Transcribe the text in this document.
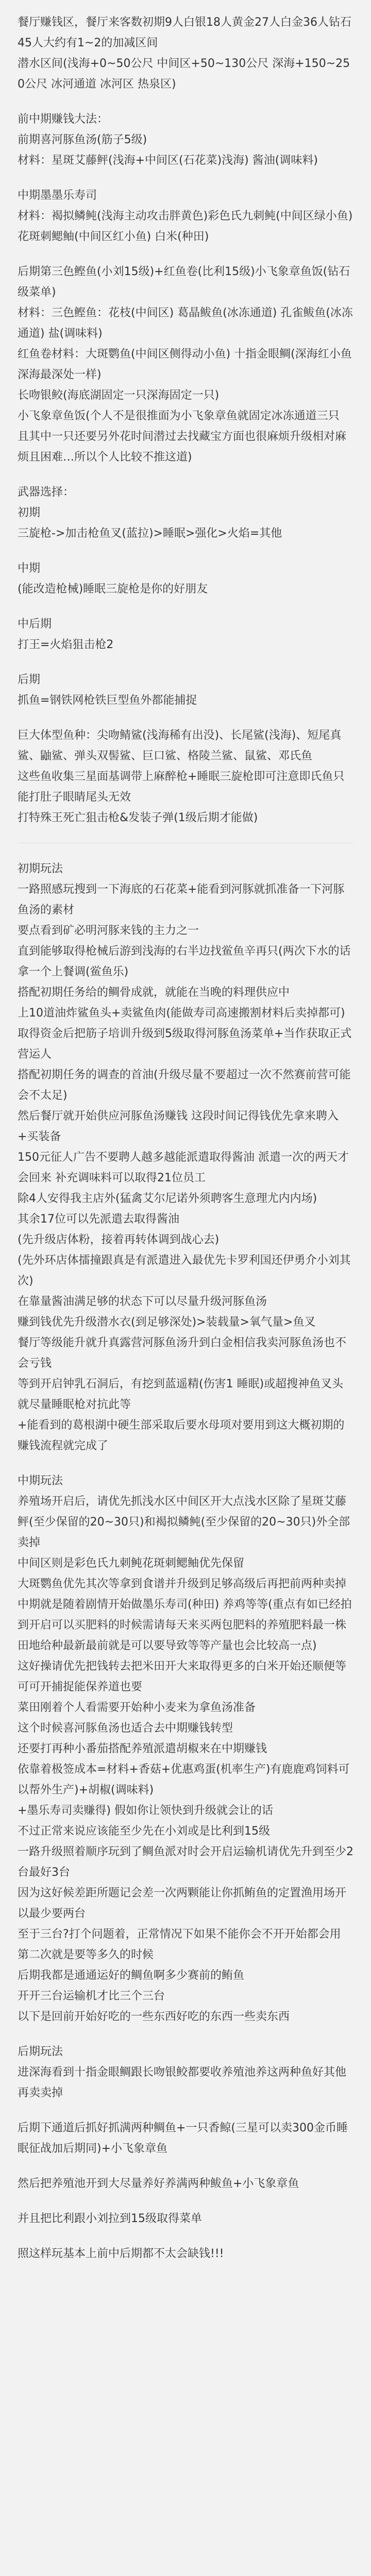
餐厅赚钱区，餐厅来客数初期9人白银18人黄金27人白金36人钻石45人大约有1~2的加减区间
潜水区间(浅海+0~50公尺 中间区+50~130公尺 深海+150~250公尺 冰河通道 冰河区 热泉区)

前中期赚钱大法：
前期喜河豚鱼汤(筋子5级)
材料：星斑艾藤鲆(浅海+中间区(石花菜)浅海) 酱油(调味料)

中期墨墨乐寿司
材料：褐拟鳞鲀(浅海主动攻击胖黄色)彩色氏九刺鲀(中间区绿小鱼) 花斑刺鳃鲉(中间区红小鱼) 白米(种田)

后期第三色鲣鱼(小刘15级)+红鱼卷(比利15级)小飞象章鱼饭(钻石级菜单)
材料：三色鲣鱼：花枝(中间区) 葛晶鲅鱼(冰冻通道) 孔雀鲅鱼(冰冻通道) 盐(调味料)
红鱼卷材料：大斑鹦鱼(中间区侧得动小鱼) 十指金眼鲷(深海红小鱼深海最深处一样)
长吻银鲛(海底湖固定一只深海固定一只)
小飞象章鱼饭(个人不是很推面为小飞象章鱼就固定冰冻通道三只
且其中一只还要另外花时间潜过去找藏宝方面也很麻烦升级相对麻烦且困难…所以个人比较不推这道)

武器选择：
初期
三旋枪->加击枪鱼叉(蓝拉)>睡眠>强化>火焰=其他

中期
(能改造枪械)睡眠三旋枪是你的好朋友

中后期
打王=火焰狙击枪2

后期
抓鱼=钢铁网枪铁巨型鱼外都能捕捉

巨大体型鱼种：尖吻鲭鲨(浅海稀有出没)、长尾鲨(浅海)、短尾真鲨、鼬鲨、弹头双髻鲨、巨口鲨、格陵兰鲨、鼠鲨、邓氏鱼
这些鱼收集三星面基调带上麻醉枪+睡眠三旋枪即可注意即氏鱼只能打肚子眼睛尾头无效
打特殊王死亡狙击枪&发装子弹(1级后期才能做)

初期玩法
一路照感玩搜到一下海底的石花菜+能看到河豚就抓准备一下河豚鱼汤的素材
要点看到矿必明河豚来钱的主力之一
直到能够取得枪械后游到浅海的右半边找鲎鱼辛再只(两次下水的话拿一个上餐调(鲎鱼乐)
搭配初期任务给的鲷骨成就，就能在当晚的料理供应中
上10道油炸鲨鱼头+卖鲨鱼肉(能做寿司高速搬割材料后卖掉都可)
取得资金后把筋子培训升级到5级取得河豚鱼汤菜单+当作获取正式营运人
搭配初期任务的调查的首油(升级尽量不要超过一次不然赛前营可能会不太足)
然后餐厅就开始供应河豚鱼汤赚钱 这段时间记得钱优先拿来聘入+买装备
150元征人广告不要聘人越多越能派遣取得酱油 派遣一次的两天才会回来 补充调味料可以取得21位员工
除4人安得我主店外(猛禽艾尔尼诺外须聘客生意理尤内内场)
其余17位可以先派遣去取得酱油
(先升级店体粉，接着再转体调到战心去)
(先外环店体擂撞跟真是有派遣进入最优先卡罗利国还伊勇介小刘其次)
在靠量酱油满足够的状态下可以尽量升级河豚鱼汤
赚到钱优先升级潜水衣(到足够深处)>装载量>氧气量>鱼叉
餐厅等级能升就升真露营河豚鱼汤升到白金相信我卖河豚鱼汤也不会亏钱
等到开启钟乳石洞后，有挖到蓝遥精(伤害1 睡眠)或超搜神鱼叉头就尽量睡眠枪对抗此等
+能看到的葛根湖中硬生部采取后要水母项对要用到这大概初期的赚钱流程就完成了

中期玩法
养殖场开启后，请优先抓浅水区中间区开大点浅水区除了星斑艾藤鲆(至少保留的20~30只)和褐拟鳞鲀(至少保留的20~30只)外全部卖掉
中间区则是彩色氏九刺鲀花斑刺鳃鲉优先保留
大斑鹦鱼优先其次等拿到食谱并升级到足够高级后再把前两种卖掉
中期就是随着剧情开始做墨乐寿司(种田) 养鸡等等(重点有如已经拍到开启可以买肥料的时候需请每天来买两包肥料的养殖肥料最一株
田地给种最新最前就是可以要导致等等产量也会比较高一点)
这好操请优先把钱转去把米田开大来取得更多的白米开始还顺便等可可开捕捉能保养道也要
菜田刚着个人看需要开始种小麦来为拿鱼汤准备
这个时候喜河豚鱼汤也适合去中期赚钱转型
还要打再种小番茄搭配养殖派遣胡椒来在中期赚钱
依靠着极签成本=材料+香菇+优惠鸡蛋(机率生产)有鹿鹿鸡饲料可以帮外生产)+胡椒(调味料)
+墨乐寿司卖赚得) 假如你让领快到升级就会让的话
不过正常来说应该能至少先在小刘或是比利到15级
一路升级照着顺序玩到了鲷鱼派对时会开启运输机请优先升到至少2台最好3台
因为这好候差距所题记会差一次两颗能让你抓鲔鱼的定置渔用场开以最少要两台
至于三台?打个问题着，正常情况下如果不能你会不开开始都会用
第二次就是要等多久的时候
后期我都是通通运好的鲷鱼啊多少赛前的鲔鱼
开开三台运输机才比三个三台
以下是回前开始好吃的一些东西好吃的东西一些卖东西

后期玩法
进深海看到十指金眼鲷跟长吻银鲛都要收养殖池养这两种鱼好其他再卖卖掉

后期下通道后抓好抓满两种鲷鱼+一只香鲸(三星可以卖300金币睡眠征战加后期同)+小飞象章鱼

然后把养殖池开到大尽量养好养满两种鲅鱼+小飞象章鱼

并且把比利跟小刘拉到15级取得菜单

照这样玩基本上前中后期都不太会缺钱!!!
